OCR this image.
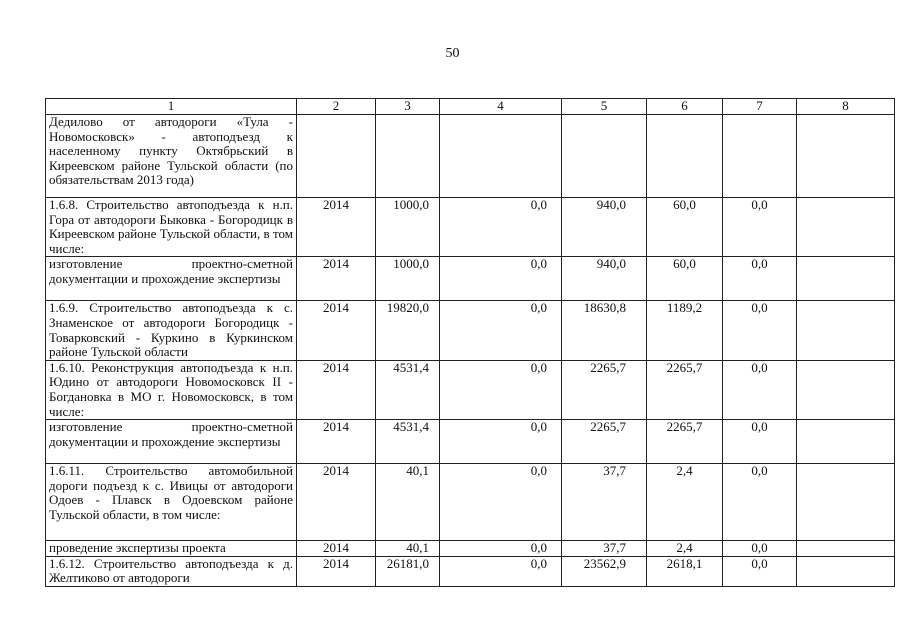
50
1	2	3	4	5	6	7	8
Дедилово от автодороги «Тула - Новомосковск» - автоподъезд к населенному пункту Октябрьский в Киреевском районе Тульской области (по обязательствам 2013 года)							
1.6.8. Строительство автоподъезда к н.п. Гора от автодороги Быковка - Богородицк в Киреевском районе Тульской области, в том числе:	2014	1000,0	0,0	940,0	60,0	0,0	
изготовление проектно-сметной документации и прохождение экспертизы	2014	1000,0	0,0	940,0	60,0	0,0	
1.6.9. Строительство автоподъезда к с. Знаменское от автодороги Богородицк - Товарковский - Куркино в Куркинском районе Тульской области	2014	19820,0	0,0	18630,8	1189,2	0,0	
1.6.10. Реконструкция автоподъезда к н.п. Юдино от автодороги Новомосковск II - Богдановка в МО г. Новомосковск, в том числе:	2014	4531,4	0,0	2265,7	2265,7	0,0	
изготовление проектно-сметной документации и прохождение экспертизы	2014	4531,4	0,0	2265,7	2265,7	0,0	
1.6.11. Строительство автомобильной дороги подъезд к с. Ивицы от автодороги Одоев - Плавск в Одоевском районе Тульской области, в том числе:	2014	40,1	0,0	37,7	2,4	0,0	
проведение экспертизы проекта	2014	40,1	0,0	37,7	2,4	0,0	
1.6.12. Строительство автоподъезда к д. Желтиково от автодороги	2014	26181,0	0,0	23562,9	2618,1	0,0	
